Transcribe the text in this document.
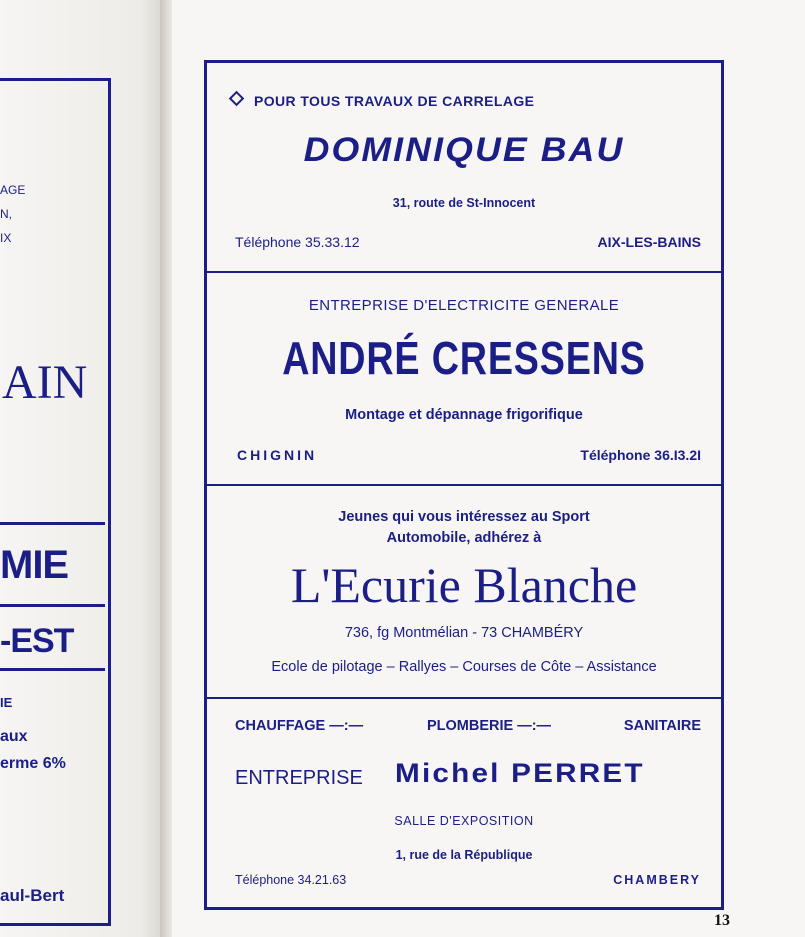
AGE
N,
IX
AIN
MIE
-EST
IE
aux
erme 6%
aul-Bert
POUR TOUS TRAVAUX DE CARRELAGE
DOMINIQUE BAU
31, route de St-Innocent
Téléphone 35.33.12	AIX-LES-BAINS
ENTREPRISE D'ELECTRICITE GENERALE
ANDRÉ CRESSENS
Montage et dépannage frigorifique
CHIGNIN	Téléphone 36.I3.2I
Jeunes qui vous intéressez au Sport
Automobile, adhérez à
L'Ecurie Blanche
736, fg Montmélian - 73 CHAMBÉRY
Ecole de pilotage – Rallyes – Courses de Côte – Assistance
CHAUFFAGE —:—	PLOMBERIE —:—	SANITAIRE
ENTREPRISE Michel PERRET
SALLE D'EXPOSITION
1, rue de la République
Téléphone 34.21.63	CHAMBERY
13
